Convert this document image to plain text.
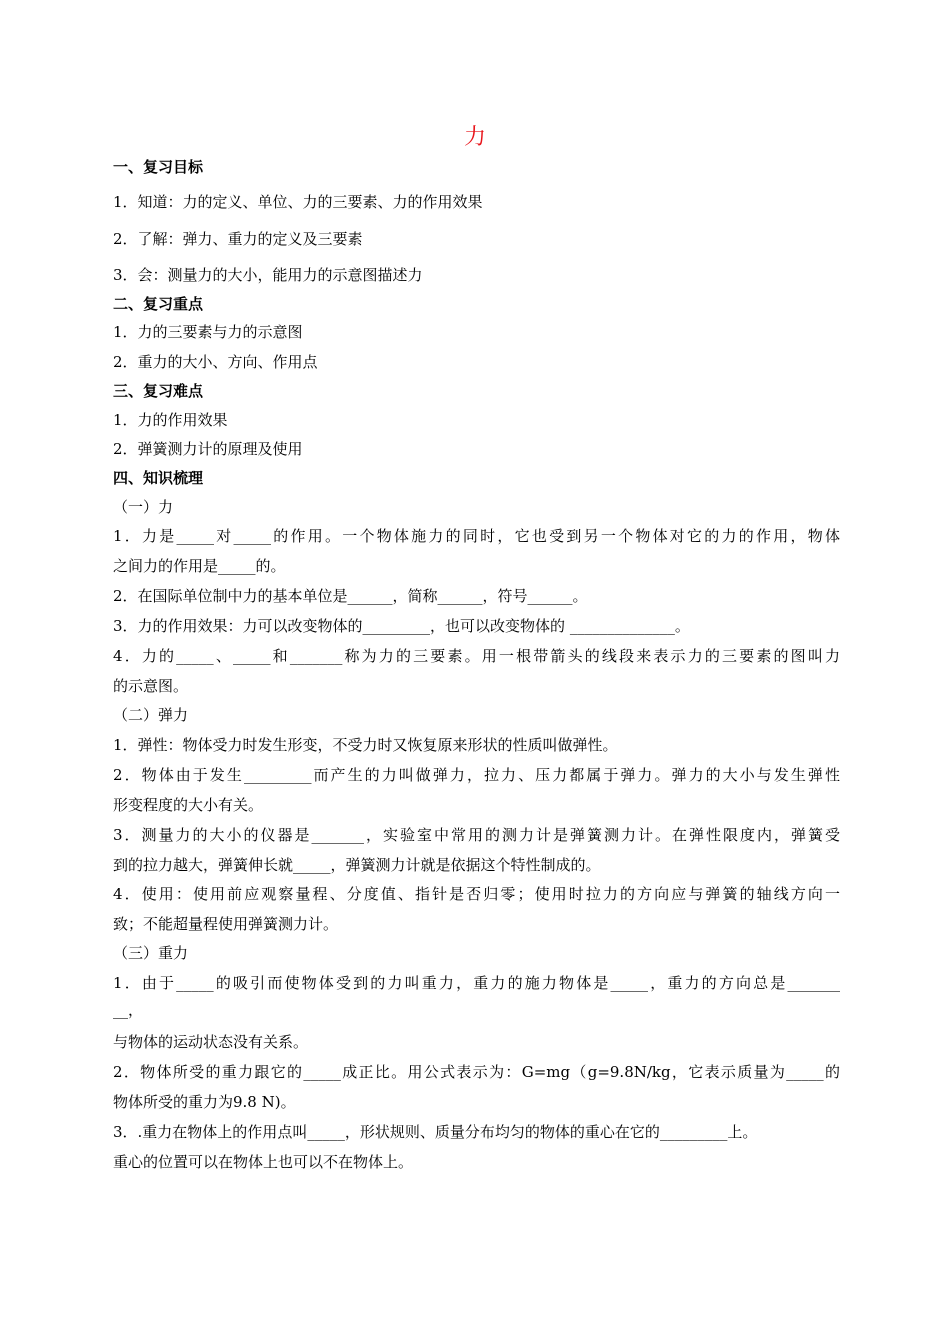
力
一、复习目标
1．知道：力的定义、单位、力的三要素、力的作用效果
2．了解：弹力、重力的定义及三要素
3．会：测量力的大小，能用力的示意图描述力
二、复习重点
1．力的三要素与力的示意图
2．重力的大小、方向、作用点
三、复习难点
1．力的作用效果
2．弹簧测力计的原理及使用
四、知识梳理
（一）力
1．力是_____对_____的作用。一个物体施力的同时，它也受到另一个物体对它的力的作用，物体
之间力的作用是_____的。
2．在国际单位制中力的基本单位是______，简称______，符号______。
3．力的作用效果：力可以改变物体的_________，也可以改变物体的 ______________。
4．力的_____、_____和_______称为力的三要素。用一根带箭头的线段来表示力的三要素的图叫力
的示意图。
（二）弹力
1．弹性：物体受力时发生形变，不受力时又恢复原来形状的性质叫做弹性。
2．物体由于发生_________而产生的力叫做弹力，拉力、压力都属于弹力。弹力的大小与发生弹性
形变程度的大小有关。
3．测量力的大小的仪器是_______，实验室中常用的测力计是弹簧测力计。在弹性限度内，弹簧受
到的拉力越大，弹簧伸长就_____，弹簧测力计就是依据这个特性制成的。
4．使用：使用前应观察量程、分度值、指针是否归零；使用时拉力的方向应与弹簧的轴线方向一
致；不能超量程使用弹簧测力计。
（三）重力
1．由于_____的吸引而使物体受到的力叫重力，重力的施力物体是_____，重力的方向总是_______
__，
与物体的运动状态没有关系。
2．物体所受的重力跟它的_____成正比。用公式表示为：G=mg（g=9.8N/kg，它表示质量为_____的
物体所受的重力为9.8 N)。
3．.重力在物体上的作用点叫_____，形状规则、质量分布均匀的物体的重心在它的_________上。
重心的位置可以在物体上也可以不在物体上。
